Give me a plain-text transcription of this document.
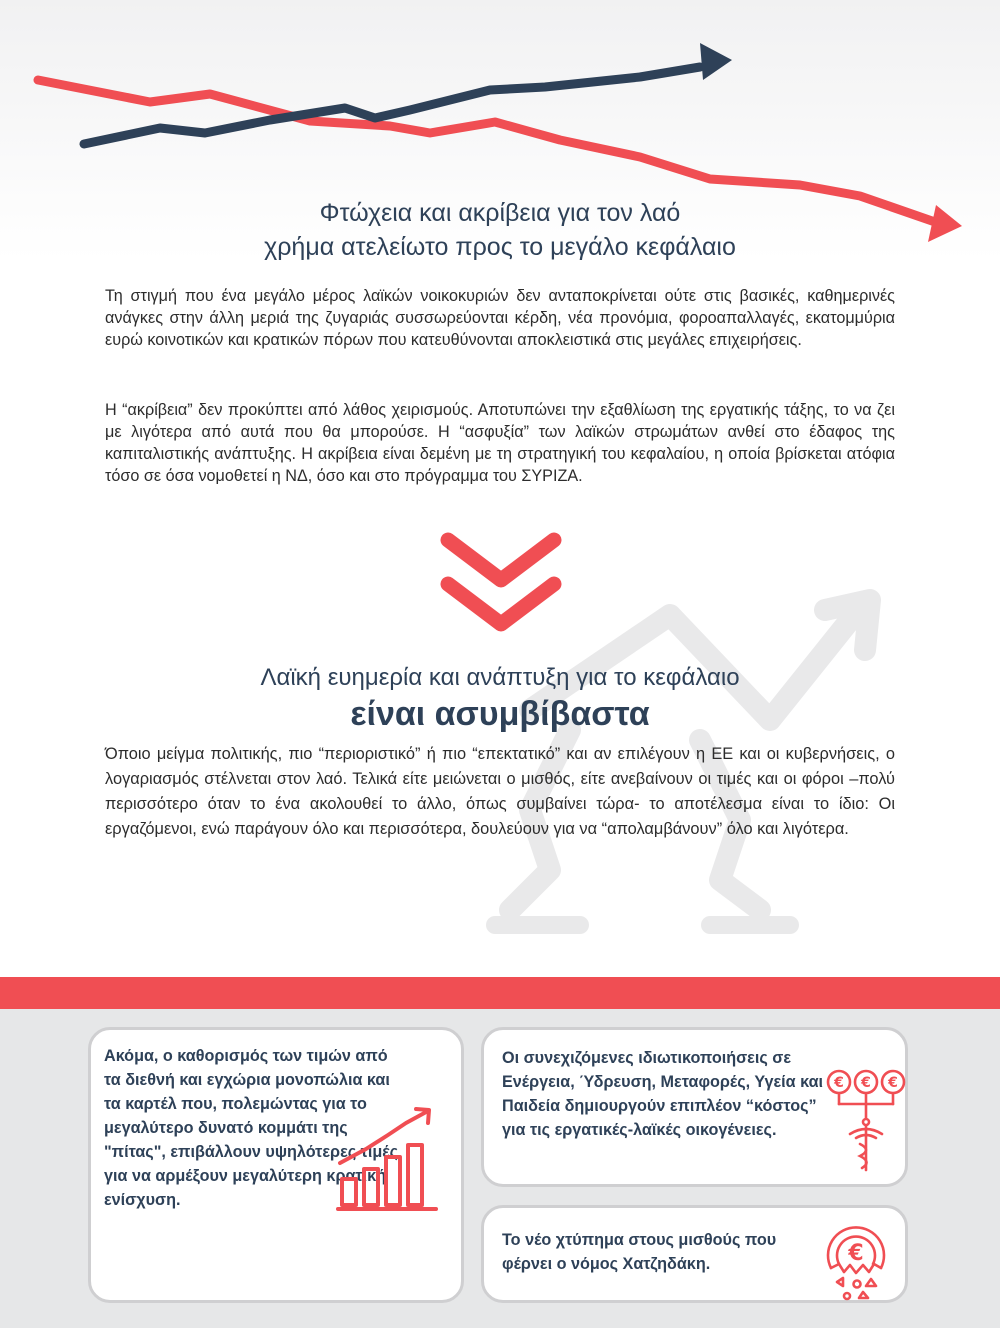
Φτώχεια και ακρίβεια για τον λαό
χρήμα ατελείωτο προς το μεγάλο κεφάλαιο

Τη στιγμή που ένα μεγάλο μέρος λαϊκών νοικοκυριών δεν ανταποκρίνεται ούτε στις βασικές, καθημερινές ανάγκες στην άλλη μεριά της ζυγαριάς συσσωρεύονται κέρδη, νέα προνόμια, φοροαπαλλαγές, εκατομμύρια ευρώ κοινοτικών και κρατικών πόρων που κατευθύνονται αποκλειστικά στις μεγάλες επιχειρήσεις.

Η “ακρίβεια” δεν προκύπτει από λάθος χειρισμούς. Αποτυπώνει την εξαθλίωση της εργατικής τάξης, το να ζει με λιγότερα από αυτά που θα μπορούσε. Η “ασφυξία” των λαϊκών στρωμάτων ανθεί στο έδαφος της καπιταλιστικής ανάπτυξης. Η ακρίβεια είναι δεμένη με τη στρατηγική του κεφαλαίου, η οποία βρίσκεται ατόφια τόσο σε όσα νομοθετεί η ΝΔ, όσο και στο πρόγραμμα του ΣΥΡΙΖΑ.

Λαϊκή ευημερία και ανάπτυξη για το κεφάλαιο
είναι ασυμβίβαστα

Όποιο μείγμα πολιτικής, πιο “περιοριστικό” ή πιο “επεκτατικό” και αν επιλέγουν η ΕΕ και οι κυβερνήσεις, ο λογαριασμός στέλνεται στον λαό. Τελικά είτε μειώνεται ο μισθός, είτε ανεβαίνουν οι τιμές και οι φόροι –πολύ περισσότερο όταν το ένα ακολουθεί το άλλο, όπως συμβαίνει τώρα- το αποτέλεσμα είναι το ίδιο: Οι εργαζόμενοι, ενώ παράγουν όλο και περισσότερα, δουλεύουν για να “απολαμβάνουν” όλο και λιγότερα.

Ακόμα, ο καθορισμός των τιμών από τα διεθνή και εγχώρια μονοπώλια και τα καρτέλ που, πολεμώντας για το μεγαλύτερο δυνατό κομμάτι της "πίτας", επιβάλλουν υψηλότερες τιμές για να αρμέξουν μεγαλύτερη κρατική ενίσχυση.
Οι συνεχιζόμενες ιδιωτικοποιήσεις σε Ενέργεια, Ύδρευση, Μεταφορές, Υγεία και Παιδεία δημιουργούν επιπλέον “κόστος” για τις εργατικές-λαϊκές οικογένειες.
€ € €
Το νέο χτύπημα στους μισθούς που φέρνει ο νόμος Χατζηδάκη.	€
